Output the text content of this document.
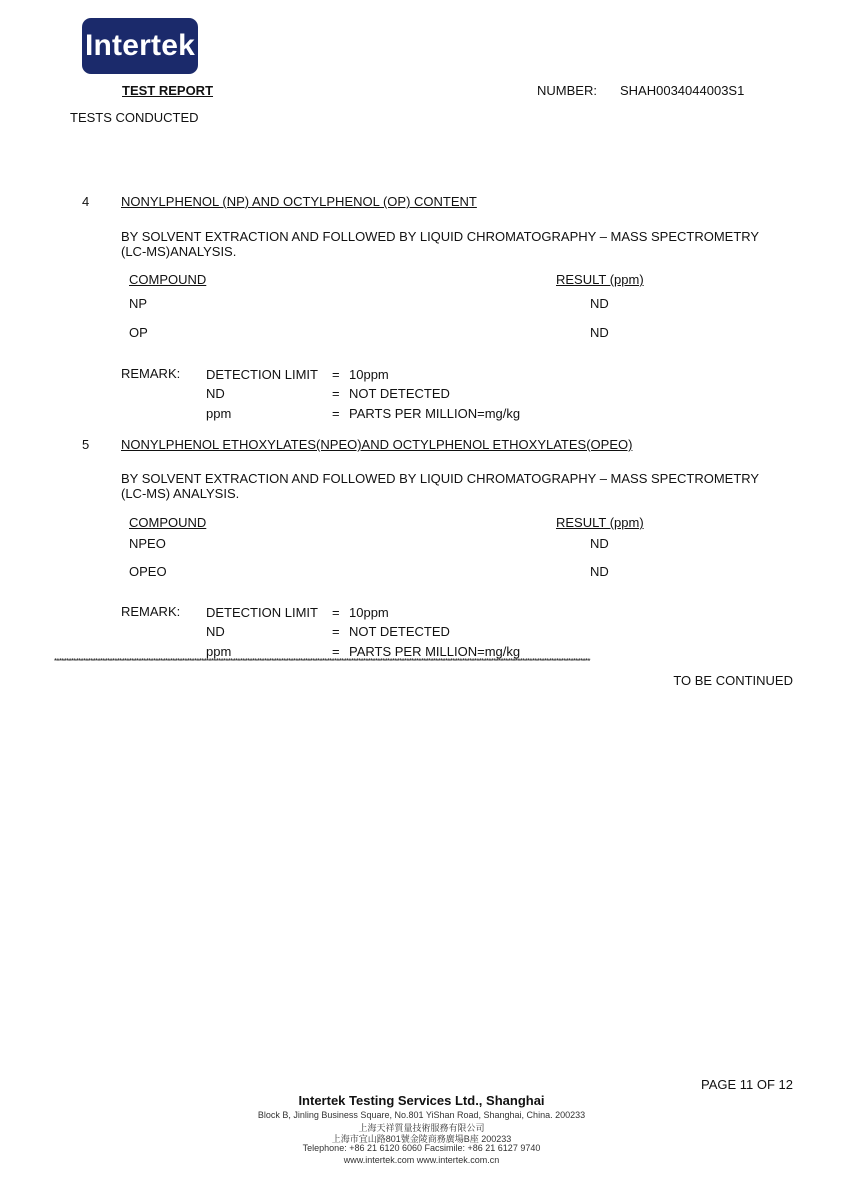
Intertek
TEST REPORT	NUMBER: SHAH0034044003S1
TESTS CONDUCTED
4 NONYLPHENOL (NP) AND OCTYLPHENOL (OP) CONTENT
BY SOLVENT EXTRACTION AND FOLLOWED BY LIQUID CHROMATOGRAPHY – MASS SPECTROMETRY (LC-MS)ANALYSIS.
COMPOUND	RESULT (ppm)
NP	ND
OP	ND
REMARK: DETECTION LIMIT = 10ppm
ND	= NOT DETECTED
ppm	= PARTS PER MILLION=mg/kg
5 NONYLPHENOL ETHOXYLATES(NPEO)AND OCTYLPHENOL ETHOXYLATES(OPEO)
BY SOLVENT EXTRACTION AND FOLLOWED BY LIQUID CHROMATOGRAPHY – MASS SPECTROMETRY (LC-MS) ANALYSIS.
COMPOUND	RESULT (ppm)
NPEO	ND
OPEO	ND
REMARK: DETECTION LIMIT = 10ppm
ND	= NOT DETECTED
ppm	= PARTS PER MILLION=mg/kg
******************************************************************************************************************************************************************************************************************************
TO BE CONTINUED
PAGE 11 OF 12
Intertek Testing Services Ltd., Shanghai
Block B, Jinling Business Square, No.801 YiShan Road, Shanghai, China. 200233
上海天祥質量技術服務有限公司
上海市宜山路801號金陵商務廣場B座 200233
Telephone: +86 21 6120 6060 Facsimile: +86 21 6127 9740
www.intertek.com www.intertek.com.cn
